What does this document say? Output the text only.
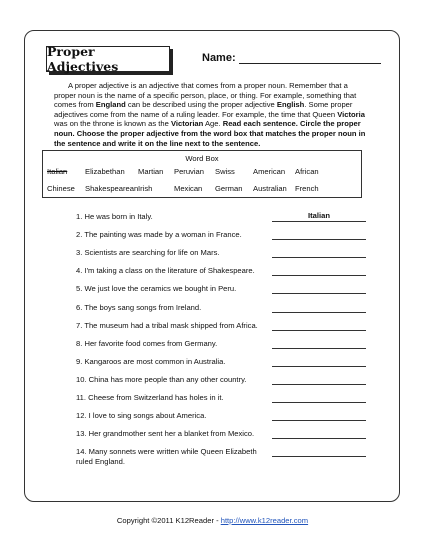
Proper Adjectives
Name:
A proper adjective is an adjective that comes from a proper noun. Remember that a proper noun is the name of a specific person, place, or thing. For example, something that comes from England can be described using the proper adjective English. Some proper adjectives come from the name of a ruling leader. For example, the time that Queen Victoria was on the throne is known as the Victorian Age. Read each sentence. Circle the proper noun. Choose the proper adjective from the word box that matches the proper noun in the sentence and write it on the line next to the sentence.
Word Box
Italian Elizabethan Martian Peruvian Swiss American African
Chinese Shakespearean Irish	Mexican German Australian French
1. He was born in Italy.	Italian
2. The painting was made by a woman in France.
3. Scientists are searching for life on Mars.
4. I'm taking a class on the literature of Shakespeare.
5. We just love the ceramics we bought in Peru.
6. The boys sang songs from Ireland.
7. The museum had a tribal mask shipped from Africa.
8. Her favorite food comes from Germany.
9. Kangaroos are most common in Australia.
10. China has more people than any other country.
11. Cheese from Switzerland has holes in it.
12. I love to sing songs about America.
13. Her grandmother sent her a blanket from Mexico.
14. Many sonnets were written while Queen Elizabeth ruled England.
Copyright ©2011 K12Reader - http://www.k12reader.com
